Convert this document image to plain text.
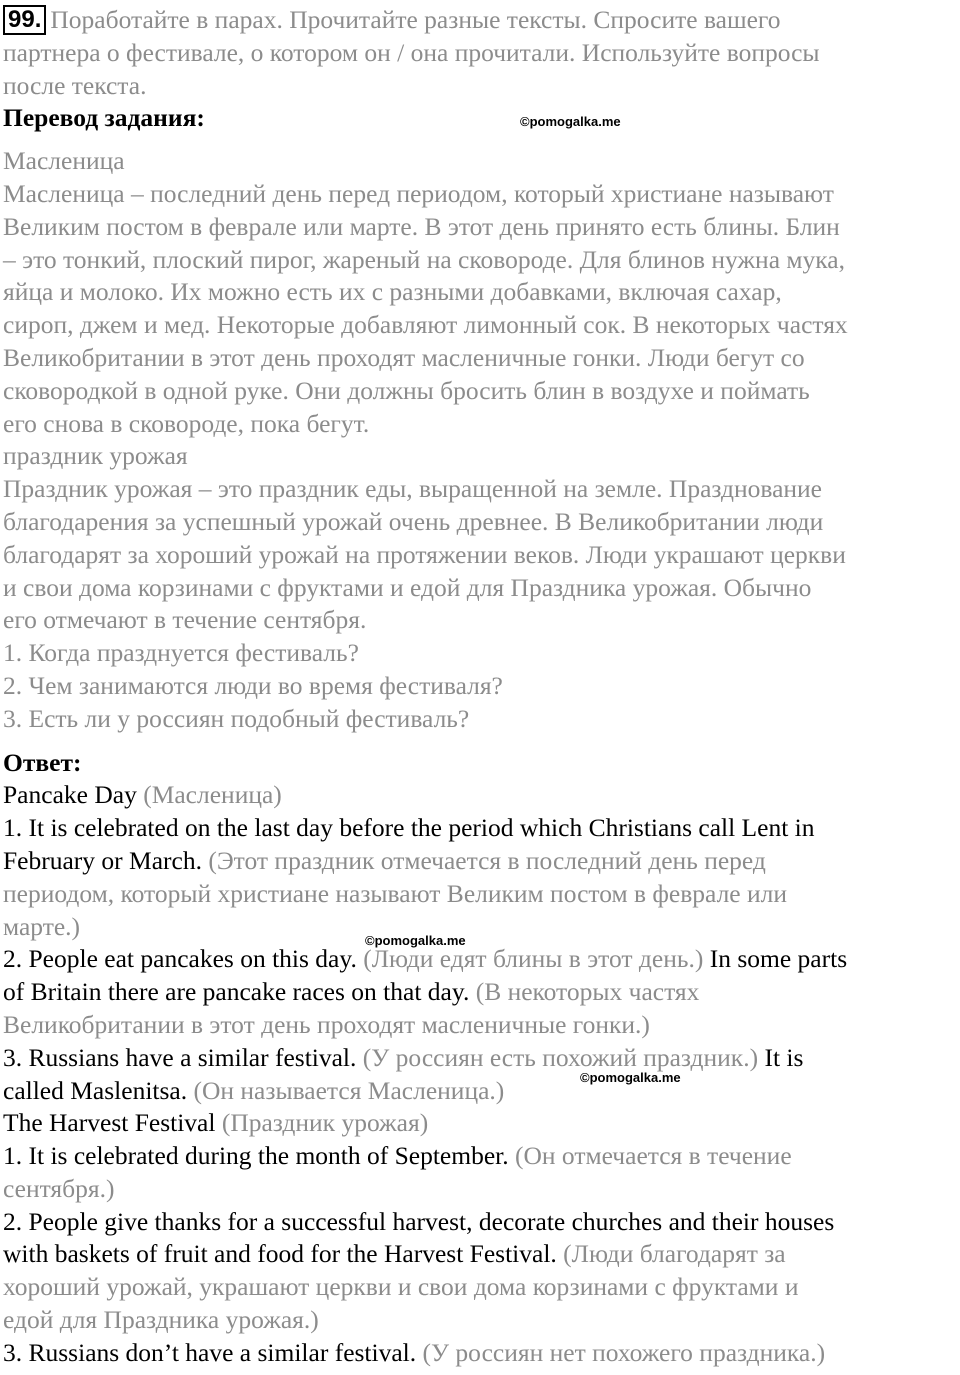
99. Поработайте в парах. Прочитайте разные тексты. Спросите вашего
партнера о фестивале, о котором он / она прочитали. Используйте вопросы
после текста.
Перевод задания:
Масленица
Масленица – последний день перед периодом, который христиане называют
Великим постом в феврале или марте. В этот день принято есть блины. Блин
– это тонкий, плоский пирог, жареный на сковороде. Для блинов нужна мука,
яйца и молоко. Их можно есть их с разными добавками, включая сахар,
сироп, джем и мед. Некоторые добавляют лимонный сок. В некоторых частях
Великобритании в этот день проходят масленичные гонки. Люди бегут со
сковородкой в одной руке. Они должны бросить блин в воздухе и поймать
его снова в сковороде, пока бегут.
праздник урожая
Праздник урожая – это праздник еды, выращенной на земле. Празднование
благодарения за успешный урожай очень древнее. В Великобритании люди
благодарят за хороший урожай на протяжении веков. Люди украшают церкви
и свои дома корзинами с фруктами и едой для Праздника урожая. Обычно
его отмечают в течение сентября.
1. Когда празднуется фестиваль?
2. Чем занимаются люди во время фестиваля?
3. Есть ли у россиян подобный фестиваль?
Ответ:
Pancake Day (Масленица)
1. It is celebrated on the last day before the period which Christians call Lent in
February or March. (Этот праздник отмечается в последний день перед
периодом, который христиане называют Великим постом в феврале или
марте.)
2. People eat pancakes on this day. (Люди едят блины в этот день.) In some parts
of Britain there are pancake races on that day. (В некоторых частях
Великобритании в этот день проходят масленичные гонки.)
3. Russians have a similar festival. (У россиян есть похожий праздник.) It is
called Maslenitsa. (Он называется Масленица.)
The Harvest Festival (Праздник урожая)
1. It is celebrated during the month of September. (Он отмечается в течение
сентября.)
2. People give thanks for a successful harvest, decorate churches and their houses
with baskets of fruit and food for the Harvest Festival. (Люди благодарят за
хороший урожай, украшают церкви и свои дома корзинами с фруктами и
едой для Праздника урожая.)
3. Russians don’t have a similar festival. (У россиян нет похожего праздника.)
©pomogalka.me
©pomogalka.me
©pomogalka.me
